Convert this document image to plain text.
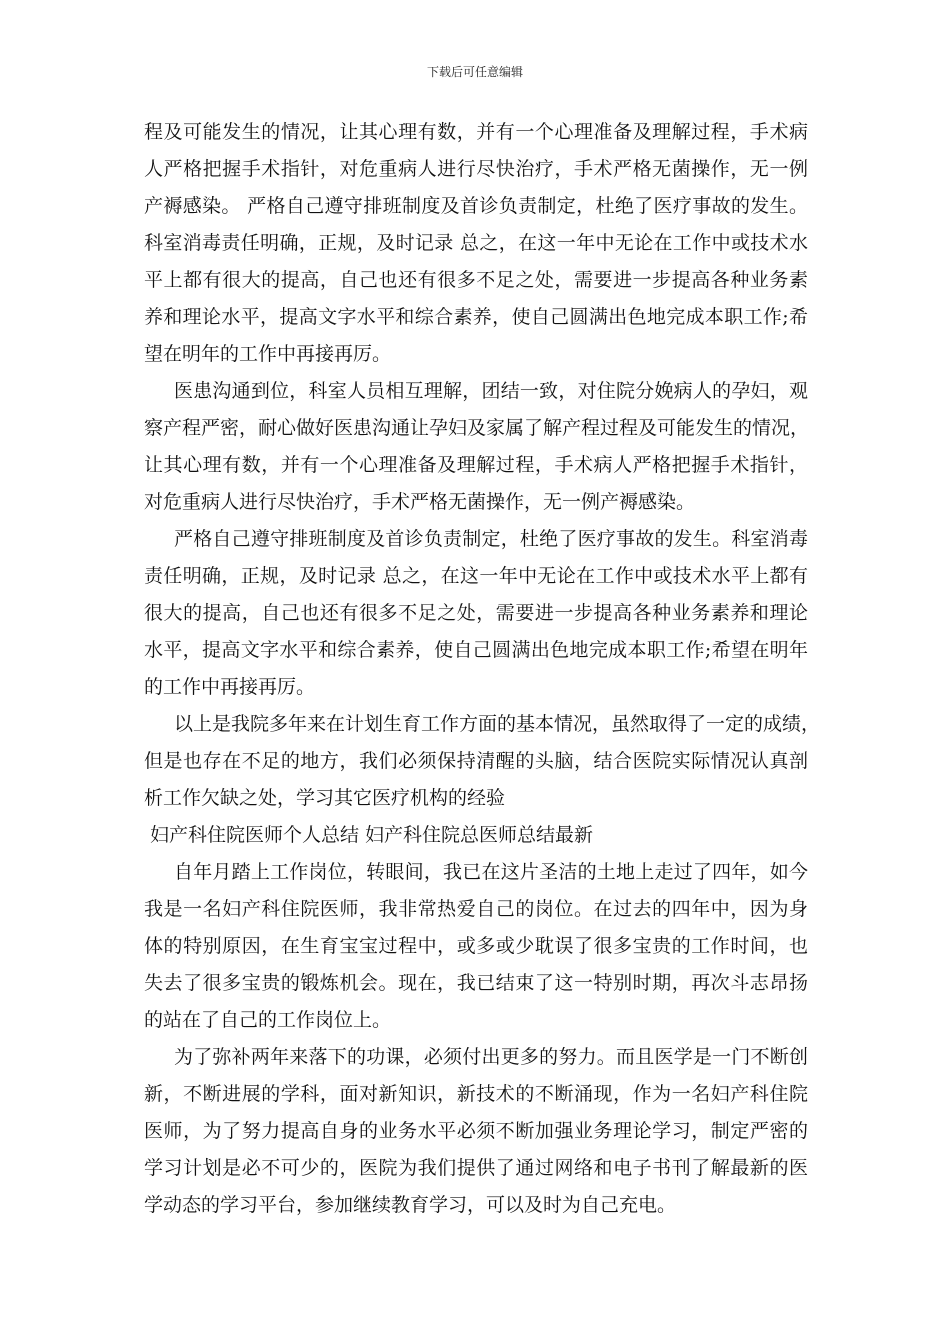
下载后可任意编辑
程及可能发生的情况，让其心理有数，并有一个心理准备及理解过程，手术病
人严格把握手术指针，对危重病人进行尽快治疗，手术严格无菌操作，无一例
产褥感染。 严格自己遵守排班制度及首诊负责制定，杜绝了医疗事故的发生。
科室消毒责任明确，正规，及时记录 总之，在这一年中无论在工作中或技术水
平上都有很大的提高，自己也还有很多不足之处，需要进一步提高各种业务素
养和理论水平，提高文字水平和综合素养，使自己圆满出色地完成本职工作;希
望在明年的工作中再接再厉。
医患沟通到位，科室人员相互理解，团结一致，对住院分娩病人的孕妇，观
察产程严密，耐心做好医患沟通让孕妇及家属了解产程过程及可能发生的情况，
让其心理有数，并有一个心理准备及理解过程，手术病人严格把握手术指针，
对危重病人进行尽快治疗，手术严格无菌操作，无一例产褥感染。
严格自己遵守排班制度及首诊负责制定，杜绝了医疗事故的发生。科室消毒
责任明确，正规，及时记录 总之，在这一年中无论在工作中或技术水平上都有
很大的提高，自己也还有很多不足之处，需要进一步提高各种业务素养和理论
水平，提高文字水平和综合素养，使自己圆满出色地完成本职工作;希望在明年
的工作中再接再厉。
以上是我院多年来在计划生育工作方面的基本情况，虽然取得了一定的成绩，
但是也存在不足的地方，我们必须保持清醒的头脑，结合医院实际情况认真剖
析工作欠缺之处，学习其它医疗机构的经验
妇产科住院医师个人总结 妇产科住院总医师总结最新
自年月踏上工作岗位，转眼间，我已在这片圣洁的土地上走过了四年，如今
我是一名妇产科住院医师，我非常热爱自己的岗位。在过去的四年中，因为身
体的特别原因，在生育宝宝过程中，或多或少耽误了很多宝贵的工作时间，也
失去了很多宝贵的锻炼机会。现在，我已结束了这一特别时期，再次斗志昂扬
的站在了自己的工作岗位上。
为了弥补两年来落下的功课，必须付出更多的努力。而且医学是一门不断创
新，不断进展的学科，面对新知识，新技术的不断涌现，作为一名妇产科住院
医师，为了努力提高自身的业务水平必须不断加强业务理论学习，制定严密的
学习计划是必不可少的，医院为我们提供了通过网络和电子书刊了解最新的医
学动态的学习平台，参加继续教育学习，可以及时为自己充电。
